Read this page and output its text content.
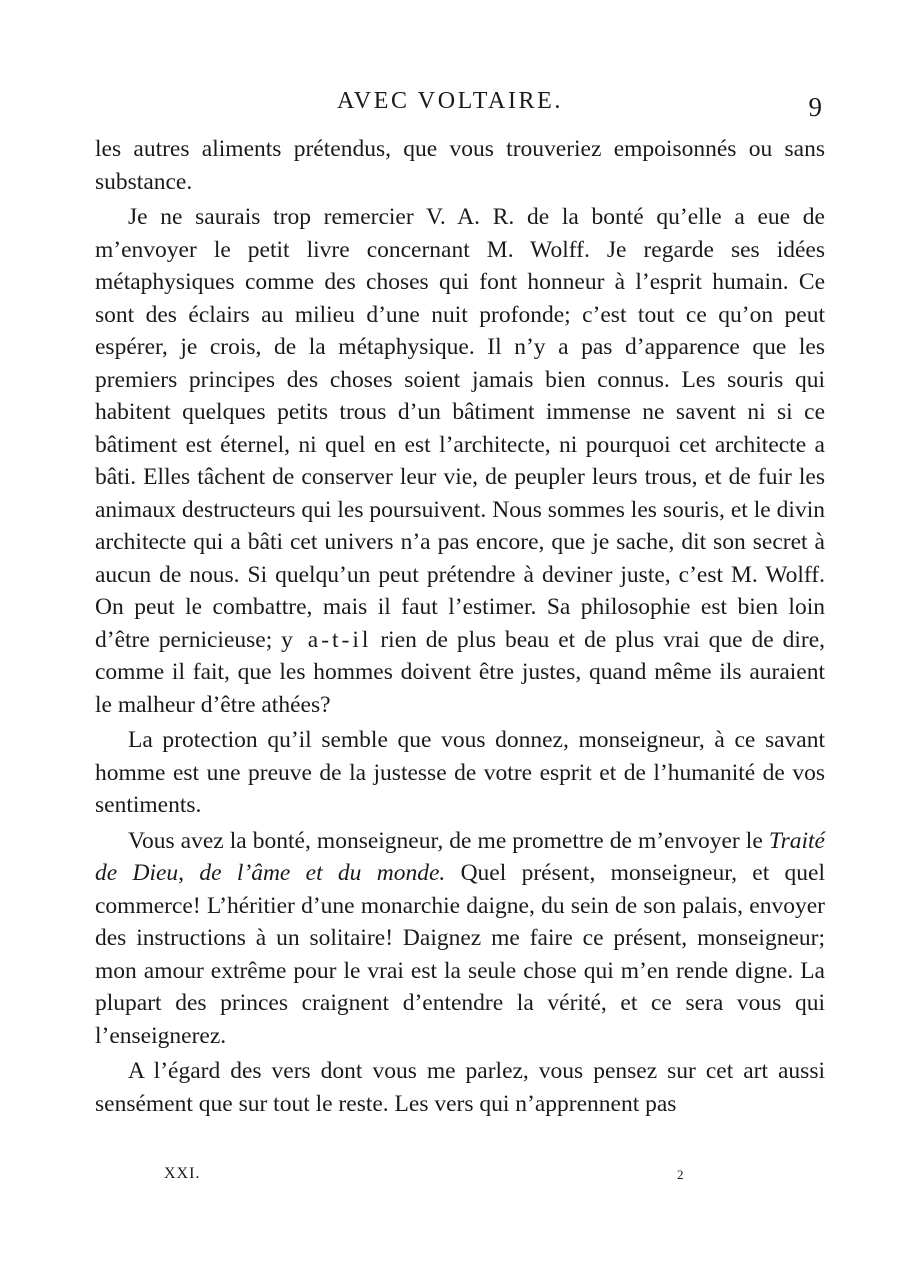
AVEC VOLTAIRE.	9

les autres aliments prétendus, que vous trouveriez empoisonnés ou sans substance.

Je ne saurais trop remercier V. A. R. de la bonté qu’elle a eue de m’envoyer le petit livre concernant M. Wolff. Je regarde ses idées métaphysiques comme des choses qui font honneur à l’esprit humain. Ce sont des éclairs au milieu d’une nuit profonde; c’est tout ce qu’on peut espérer, je crois, de la métaphysique. Il n’y a pas d’apparence que les premiers principes des choses soient jamais bien connus. Les souris qui habitent quelques petits trous d’un bâtiment immense ne savent ni si ce bâtiment est éternel, ni quel en est l’architecte, ni pourquoi cet architecte a bâti. Elles tâchent de conserver leur vie, de peupler leurs trous, et de fuir les animaux destructeurs qui les poursuivent. Nous sommes les souris, et le divin architecte qui a bâti cet univers n’a pas encore, que je sache, dit son secret à aucun de nous. Si quelqu’un peut prétendre à deviner juste, c’est M. Wolff. On peut le combattre, mais il faut l’estimer. Sa philosophie est bien loin d’être pernicieuse; y a-t-il rien de plus beau et de plus vrai que de dire, comme il fait, que les hommes doivent être justes, quand même ils auraient le malheur d’être athées?

La protection qu’il semble que vous donnez, monseigneur, à ce savant homme est une preuve de la justesse de votre esprit et de l’humanité de vos sentiments.

Vous avez la bonté, monseigneur, de me promettre de m’envoyer le Traité de Dieu, de l’âme et du monde. Quel présent, monseigneur, et quel commerce! L’héritier d’une monarchie daigne, du sein de son palais, envoyer des instructions à un solitaire! Daignez me faire ce présent, monseigneur; mon amour extrême pour le vrai est la seule chose qui m’en rende digne. La plupart des princes craignent d’entendre la vérité, et ce sera vous qui l’enseignerez.

A l’égard des vers dont vous me parlez, vous pensez sur cet art aussi sensément que sur tout le reste. Les vers qui n’apprennent pas

XXI.	2
